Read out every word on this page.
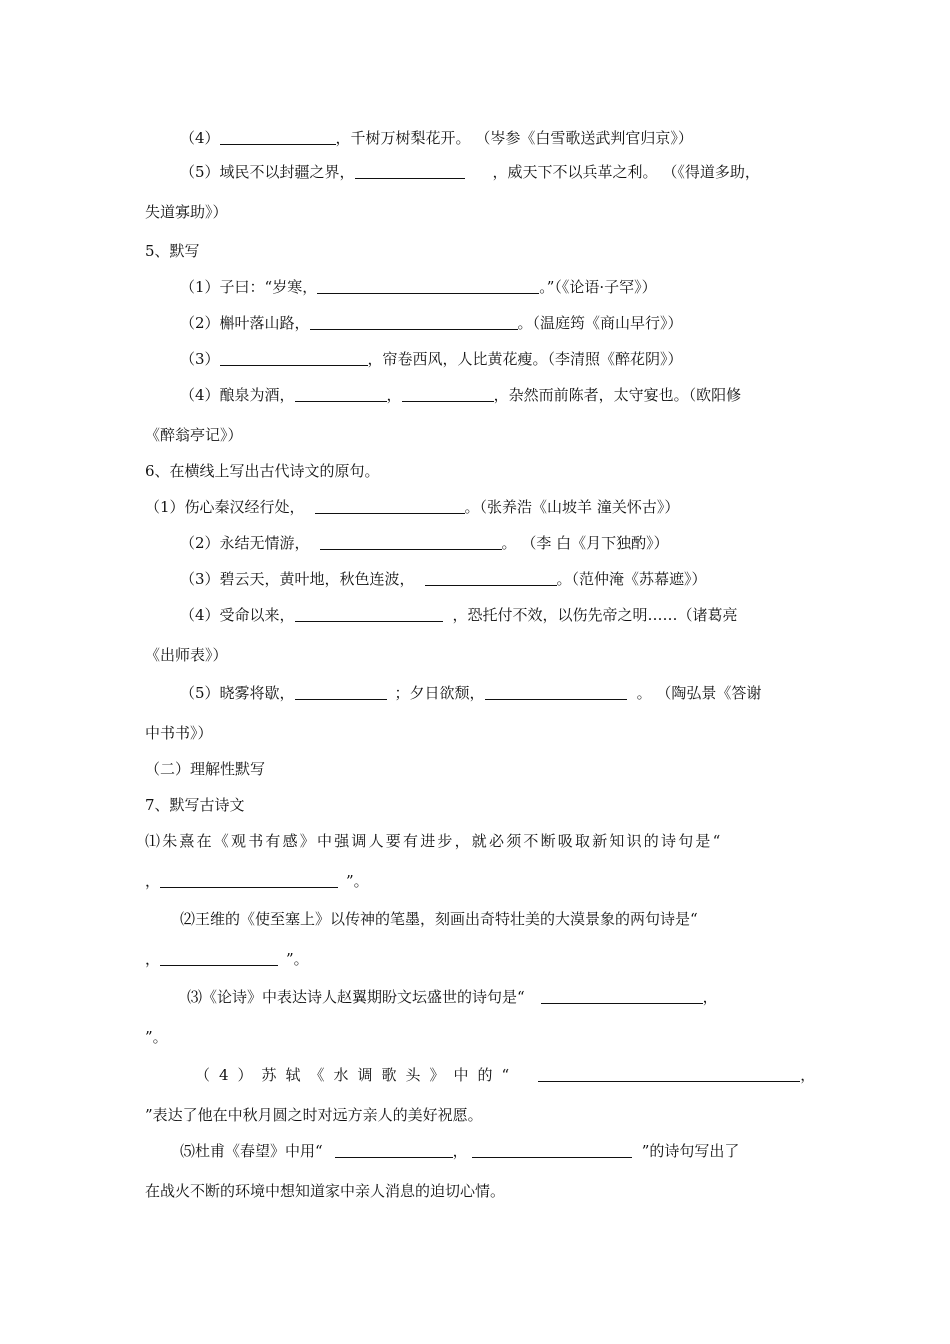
（4）	，千树万树梨花开。 （岑参《白雪歌送武判官归京》）
（5）域民不以封疆之界，	，威天下不以兵革之利。 （《得道多助，
失道寡助》）
5、默写
（1）子曰：“岁寒，	。”（《论语·子罕》）
（2）槲叶落山路，	。（温庭筠《商山早行》）
（3）	，帘卷西风，人比黄花瘦。（李清照《醉花阴》）
（4）酿泉为酒，	，	，杂然而前陈者，太守宴也。（欧阳修
《醉翁亭记》）
6、在横线上写出古代诗文的原句。
（1）伤心秦汉经行处，	。（张养浩《山坡羊 潼关怀古》）
（2）永结无情游，	。 （李 白《月下独酌》）
（3）碧云天，黄叶地，秋色连波，	。（范仲淹《苏幕遮》）
（4）受命以来，	，恐托付不效，以伤先帝之明……（诸葛亮
《出师表》）
（5）晓雾将歇，	；夕日欲颓，	。 （陶弘景《答谢
中书书》）
（二）理解性默写
7、默写古诗文
⑴朱熹在《观书有感》中强调人要有进步，就必须不断吸取新知识的诗句是“
，	”。
⑵王维的《使至塞上》以传神的笔墨，刻画出奇特壮美的大漠景象的两句诗是“
，	”。
⑶《论诗》中表达诗人赵翼期盼文坛盛世的诗句是“	，
”。
（4）苏轼《水调歌头》中的“	，
”表达了他在中秋月圆之时对远方亲人的美好祝愿。
⑸杜甫《春望》中用“	，	”的诗句写出了
在战火不断的环境中想知道家中亲人消息的迫切心情。
